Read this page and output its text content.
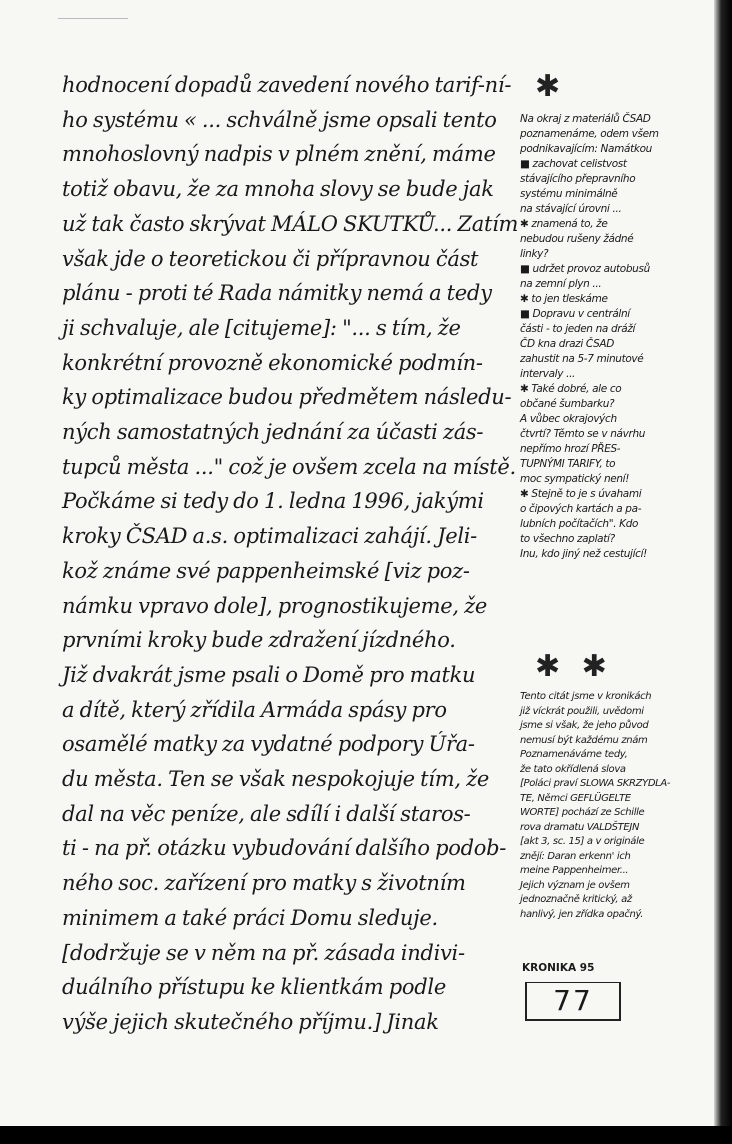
hodnocení dopadů zavedení nového tarif-ní-
ho systému « ... schválně jsme opsali tento
mnohoslovný nadpis v plném znění, máme
totiž obavu, že za mnoha slovy se bude jak
už tak často skrývat MÁLO SKUTKŮ... Zatím
však jde o teoretickou či přípravnou část
plánu - proti té Rada námitky nemá a tedy
ji schvaluje, ale [citujeme]: "... s tím, že
konkrétní provozně ekonomické podmín-
ky optimalizace budou předmětem následu-
ných samostatných jednání za účasti zás-
tupců města ..." což je ovšem zcela na místě.
Počkáme si tedy do 1. ledna 1996, jakými
kroky ČSAD a.s. optimalizaci zahájí. Jeli-
kož známe své pappenheimské [viz poz-
námku vpravo dole], prognostikujeme, že
prvními kroky bude zdražení jízdného.
Již dvakrát jsme psali o Domě pro matku
a dítě, který zřídila Armáda spásy pro
osamělé matky za vydatné podpory Úřa-
du města. Ten se však nespokojuje tím, že
dal na věc peníze, ale sdílí i další staros-
ti - na př. otázku vybudování dalšího podob-
ného soc. zařízení pro matky s životním
minimem a také práci Domu sleduje.
[dodržuje se v něm na př. zásada indivi-
duálního přístupu ke klientkám podle
výše jejich skutečného příjmu.] Jinak
✱
Na okraj z materiálů ČSAD
poznamenáme, odem všem
podnikavajícím: Namátkou
■ zachovat celistvost
stávajícího přepravního
systému minimálně
na stávající úrovni ...
✱ znamená to, že
nebudou rušeny žádné
linky?
■ udržet provoz autobusů
na zemní plyn ...
✱ to jen tleskáme
■ Dopravu v centrální
části - to jeden na dráží
ČD kna drazi ČSAD
zahustit na 5-7 minutové
intervaly ...
✱ Také dobré, ale co
občané šumbarku?
A vůbec okrajových
čtvrtí? Těmto se v návrhu
nepřímo hrozí PŘES-
TUPNÝMI TARIFY, to
moc sympatický není!
✱ Stejně to je s úvahami
o čipových kartách a pa-
lubních počítačích". Kdo
to všechno zaplatí?
Inu, kdo jiný než cestující!
✱ ✱
Tento citát jsme v kronikách
již víckrát použili, uvědomi
jsme si však, že jeho původ
nemusí být každému znám
Poznamenáváme tedy,
že tato okřídlená slova
[Poláci praví SLOWA SKRZYDLA-
TE, Němci GEFLÜGELTE
WORTE] pochází ze Schille
rova dramatu VALDŠTEJN
[akt 3, sc. 15] a v originále
znějí: Daran erkenn' ich
meine Pappenheimer...
Jejich význam je ovšem
jednoznačně kritický, až
hanlivý, jen zřídka opačný.
KRONIKA 95
77
